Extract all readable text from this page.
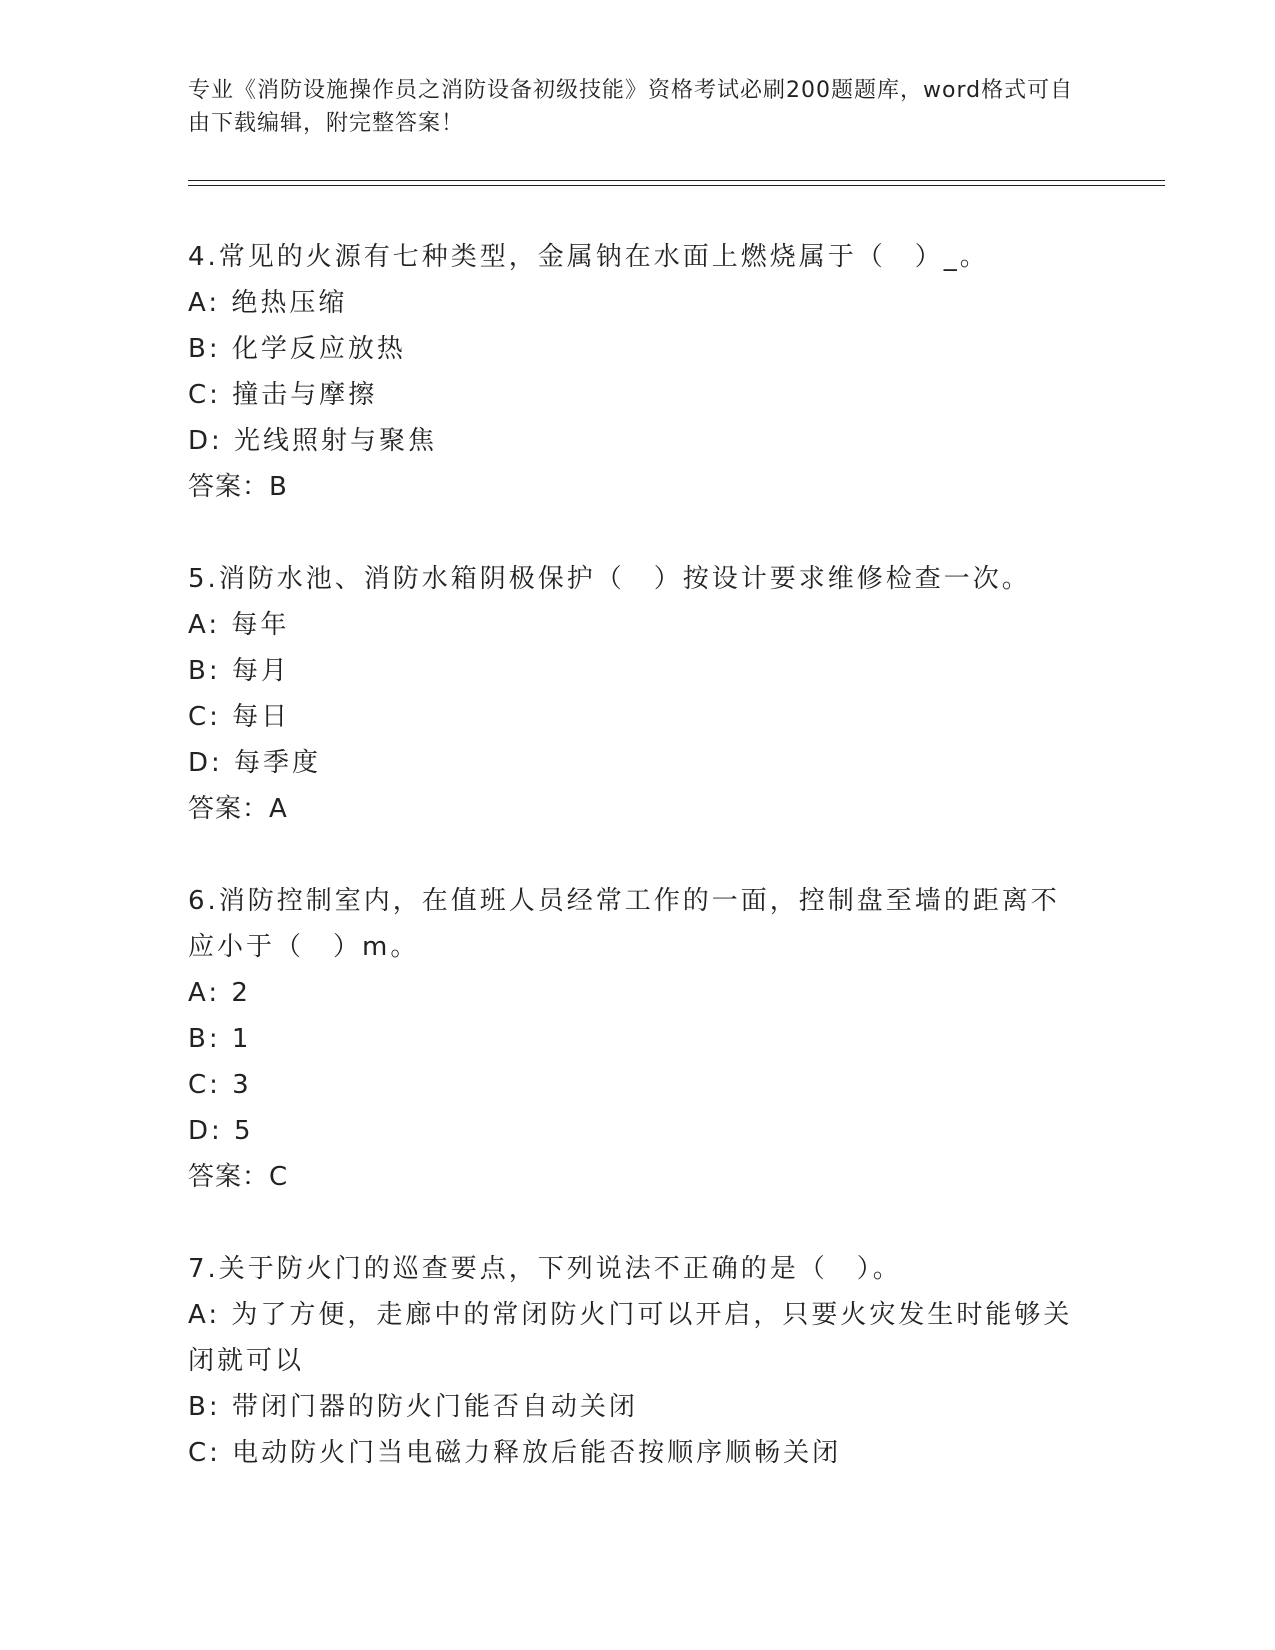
专业《消防设施操作员之消防设备初级技能》资格考试必刷200题题库，word格式可自由下载编辑，附完整答案！

4.常见的火源有七种类型，金属钠在水面上燃烧属于（　）_。

A: 绝热压缩

B: 化学反应放热

C: 撞击与摩擦

D: 光线照射与聚焦

答案：B

5.消防水池、消防水箱阴极保护（　）按设计要求维修检查一次。

A: 每年

B: 每月

C: 每日

D: 每季度

答案：A

6.消防控制室内，在值班人员经常工作的一面，控制盘至墙的距离不应小于（　）m。

A: 2

B: 1

C: 3

D: 5

答案：C

7.关于防火门的巡查要点，下列说法不正确的是（　）。

A: 为了方便，走廊中的常闭防火门可以开启，只要火灾发生时能够关闭就可以

B: 带闭门器的防火门能否自动关闭

C: 电动防火门当电磁力释放后能否按顺序顺畅关闭
